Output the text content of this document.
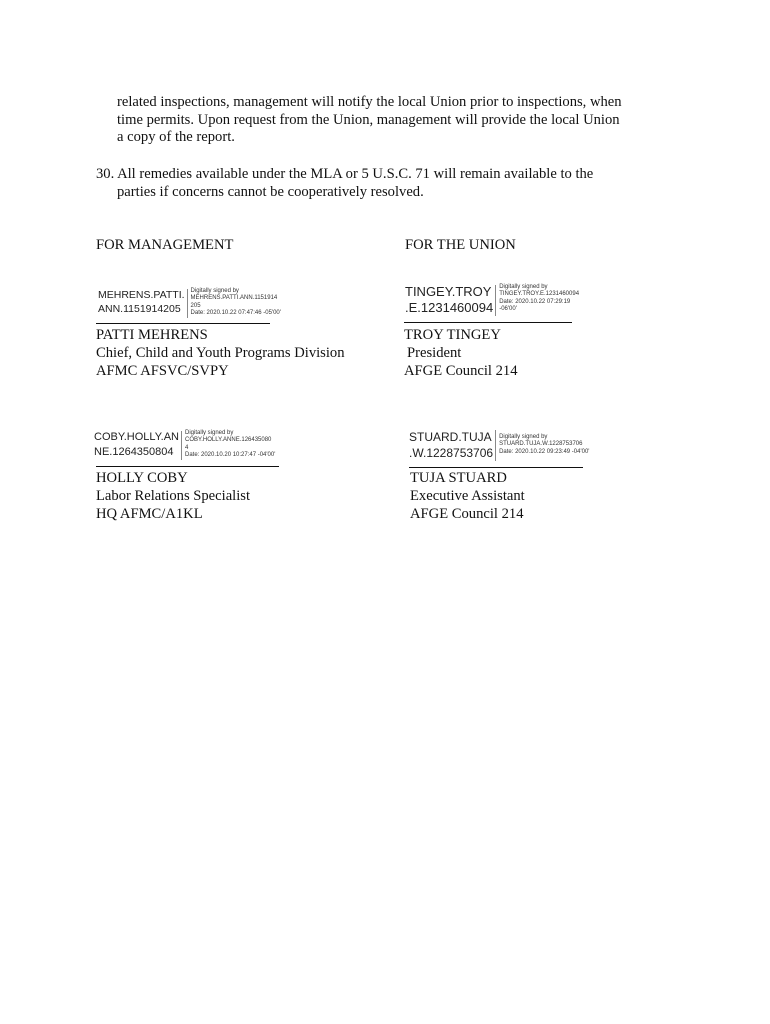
related inspections, management will notify the local Union prior to inspections, when
time permits. Upon request from the Union, management will provide the local Union
a copy of the report.
30. All remedies available under the MLA or 5 U.S.C. 71 will remain available to the
parties if concerns cannot be cooperatively resolved.
FOR MANAGEMENT	FOR THE UNION
MEHRENS.PATTI.
ANN.1151914205
Digitally signed by
MEHRENS.PATTI.ANN.1151914
205
Date: 2020.10.22 07:47:46 -05'00'
PATTI MEHRENS
Chief, Child and Youth Programs Division
AFMC AFSVC/SVPY
TINGEY.TROY
.E.1231460094
Digitally signed by
TINGEY.TROY.E.1231460094
Date: 2020.10.22 07:29:19
-06'00'
TROY TINGEY
President
AFGE Council 214
COBY.HOLLY.AN
NE.1264350804
Digitally signed by
COBY.HOLLY.ANNE.126435080
4
Date: 2020.10.20 10:27:47 -04'00'
HOLLY COBY
Labor Relations Specialist
HQ AFMC/A1KL
STUARD.TUJA
.W.1228753706
Digitally signed by
STUARD.TUJA.W.1228753706
Date: 2020.10.22 09:23:49 -04'00'
TUJA STUARD
Executive Assistant
AFGE Council 214
